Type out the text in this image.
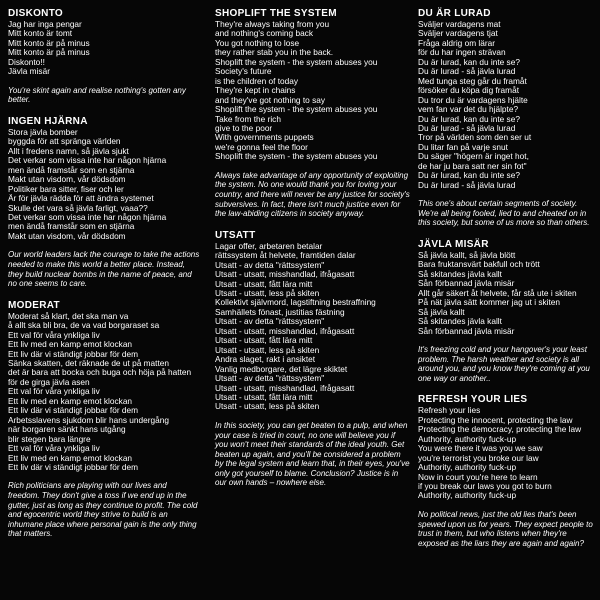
DISKONTO

Jag har inga pengar

Mitt konto är tomt

Mitt konto är på minus

Mitt konto är på minus

Diskonto!!

Jävla misär

You're skint again and realise nothing's gotten any better.

INGEN HJÄRNA

Stora jävla bomber

byggda för att spränga världen

Allt i fredens namn, så jävla sjukt

Det verkar som vissa inte har någon hjärna

men ändå framstår som en stjärna

Makt utan visdom, vår dödsdom

Politiker bara sitter, fiser och ler

Är för jävla rädda för att ändra systemet

Skulle det vara så jävla farligt, vaaa??

Det verkar som vissa inte har någon hjärna

men ändå framstår som en stjärna

Makt utan visdom, vår dödsdom

Our world leaders lack the courage to take the actions needed to make this world a better place. Instead, they build nuclear bombs in the name of peace, and no one seems to care.

MODERAT

Moderat så klart, det ska man va

å allt ska bli bra, de va vad borgaraset sa

Ett val för våra ynkliga liv

Ett liv med en kamp emot klockan

Ett liv där vi ständigt jobbar för dem

Sänka skatten, det räknade de ut på matten

det är bara att bocka och buga och höja på hatten

för de girga jävla asen

Ett val för våra ynkliga liv

Ett liv med en kamp emot klockan

Ett liv där vi ständigt jobbar för dem

Arbetsslavens sjukdom blir hans undergång

när borgaren sänkt hans utgång

blir stegen bara längre

Ett val för våra ynkliga liv

Ett liv med en kamp emot klockan

Ett liv där vi ständigt jobbar för dem

Rich politicians are playing with our lives and freedom. They don't give a toss if we end up in the gutter, just as long as they continue to profit. The cold and egocentric world they strive to build is an inhumane place where personal gain is the only thing that matters.

SHOPLIFT THE SYSTEM

They're always taking from you

and nothing's coming back

You got nothing to lose

they rather stab you in the back.

Shoplift the system - the system abuses you

Society's future

is the children of today

They're kept in chains

and they've got nothing to say

Shoplift the system - the system abuses you

Take from the rich

give to the poor

With governments puppets

we're gonna feel the floor

Shoplift the system - the system abuses you

Always take advantage of any opportunity of exploiting the system. No one would thank you for loving your country, and there will never be any justice for society's subversives. In fact, there isn't much justice even for the law-abiding citizens in society anyway.

UTSATT

Lagar offer, arbetaren betalar

rättssystem åt helvete, framtiden dalar

Utsatt - av detta "rättssystem"

Utsatt - utsatt, misshandlad, ifrågasatt

Utsatt - utsatt, fått lära mitt

Utsatt - utsatt, less på skiten

Kollektivt självmord, lagstiftning bestraffning

Samhällets fönast, justitias fästning

Utsatt - av detta "rättssystem"

Utsatt - utsatt, misshandlad, ifrågasatt

Utsatt - utsatt, fått lära mitt

Utsatt - utsatt, less på skiten

Andra slaget, rakt i ansiktet

Vanlig medborgare, det lägre skiktet

Utsatt - av detta "rättssystem"

Utsatt - utsatt, misshandlad, ifrågasatt

Utsatt - utsatt, fått lära mitt

Utsatt - utsatt, less på skiten

In this society, you can get beaten to a pulp, and when your case is tried in court, no one will believe you if you won't meet their standards of the ideal youth. Get beaten up again, and you'll be considered a problem by the legal system and learn that, in their eyes, you've only got yourself to blame. Conclusion? Justice is in our own hands – nowhere else.

DU ÄR LURAD

Sväljer vardagens mat

Sväljer vardagens tjat

Fråga aldrig om lärar

för du har ingen strävan

Du är lurad, kan du inte se?

Du är lurad - så jävla lurad

Med tunga steg går du framåt

försöker du köpa dig framåt

Du tror du är vardagens hjälte

vem fan var det du hjälpte?

Du är lurad, kan du inte se?

Du är lurad - så jävla lurad

Tror på världen som den ser ut

Du litar fan på varje snut

Du säger "högern är inget hot,

de har ju bara satt ner sin fot"

Du är lurad, kan du inte se?

Du är lurad - så jävla lurad

This one's about certain segments of society. We're all being fooled, lied to and cheated on in this society, but some of us more so than others.

JÄVLA MISÄR

Så jävla kallt, så jävla blött

Bara fruktansvärt bakfull och trött

Så skitandes jävla kallt

Sån förbannad jävla misär

Allt går säkert åt helvete, får stå ute i skiten

På nät jävla sätt kommer jag ut i skiten

Så jävla kallt

Så skitandes jävla kallt

Sån förbannad jävla misär

It's freezing cold and your hangover's your least problem. The harsh weather and society is all around you, and you know they're coming at you one way or another..

REFRESH YOUR LIES

Refresh your lies

Protecting the innocent, protecting the law

Protecting the democracy, protecting the law

Authority, authority fuck-up

You were there it was you we saw

you're terrorist you broke our law

Authority, authority fuck-up

Now in court you're here to learn

if you break our laws you got to burn

Authority, authority fuck-up

No political news, just the old lies that's been spewed upon us for years. They expect people to trust in them, but who listens when they're exposed as the liars they are again and again?
